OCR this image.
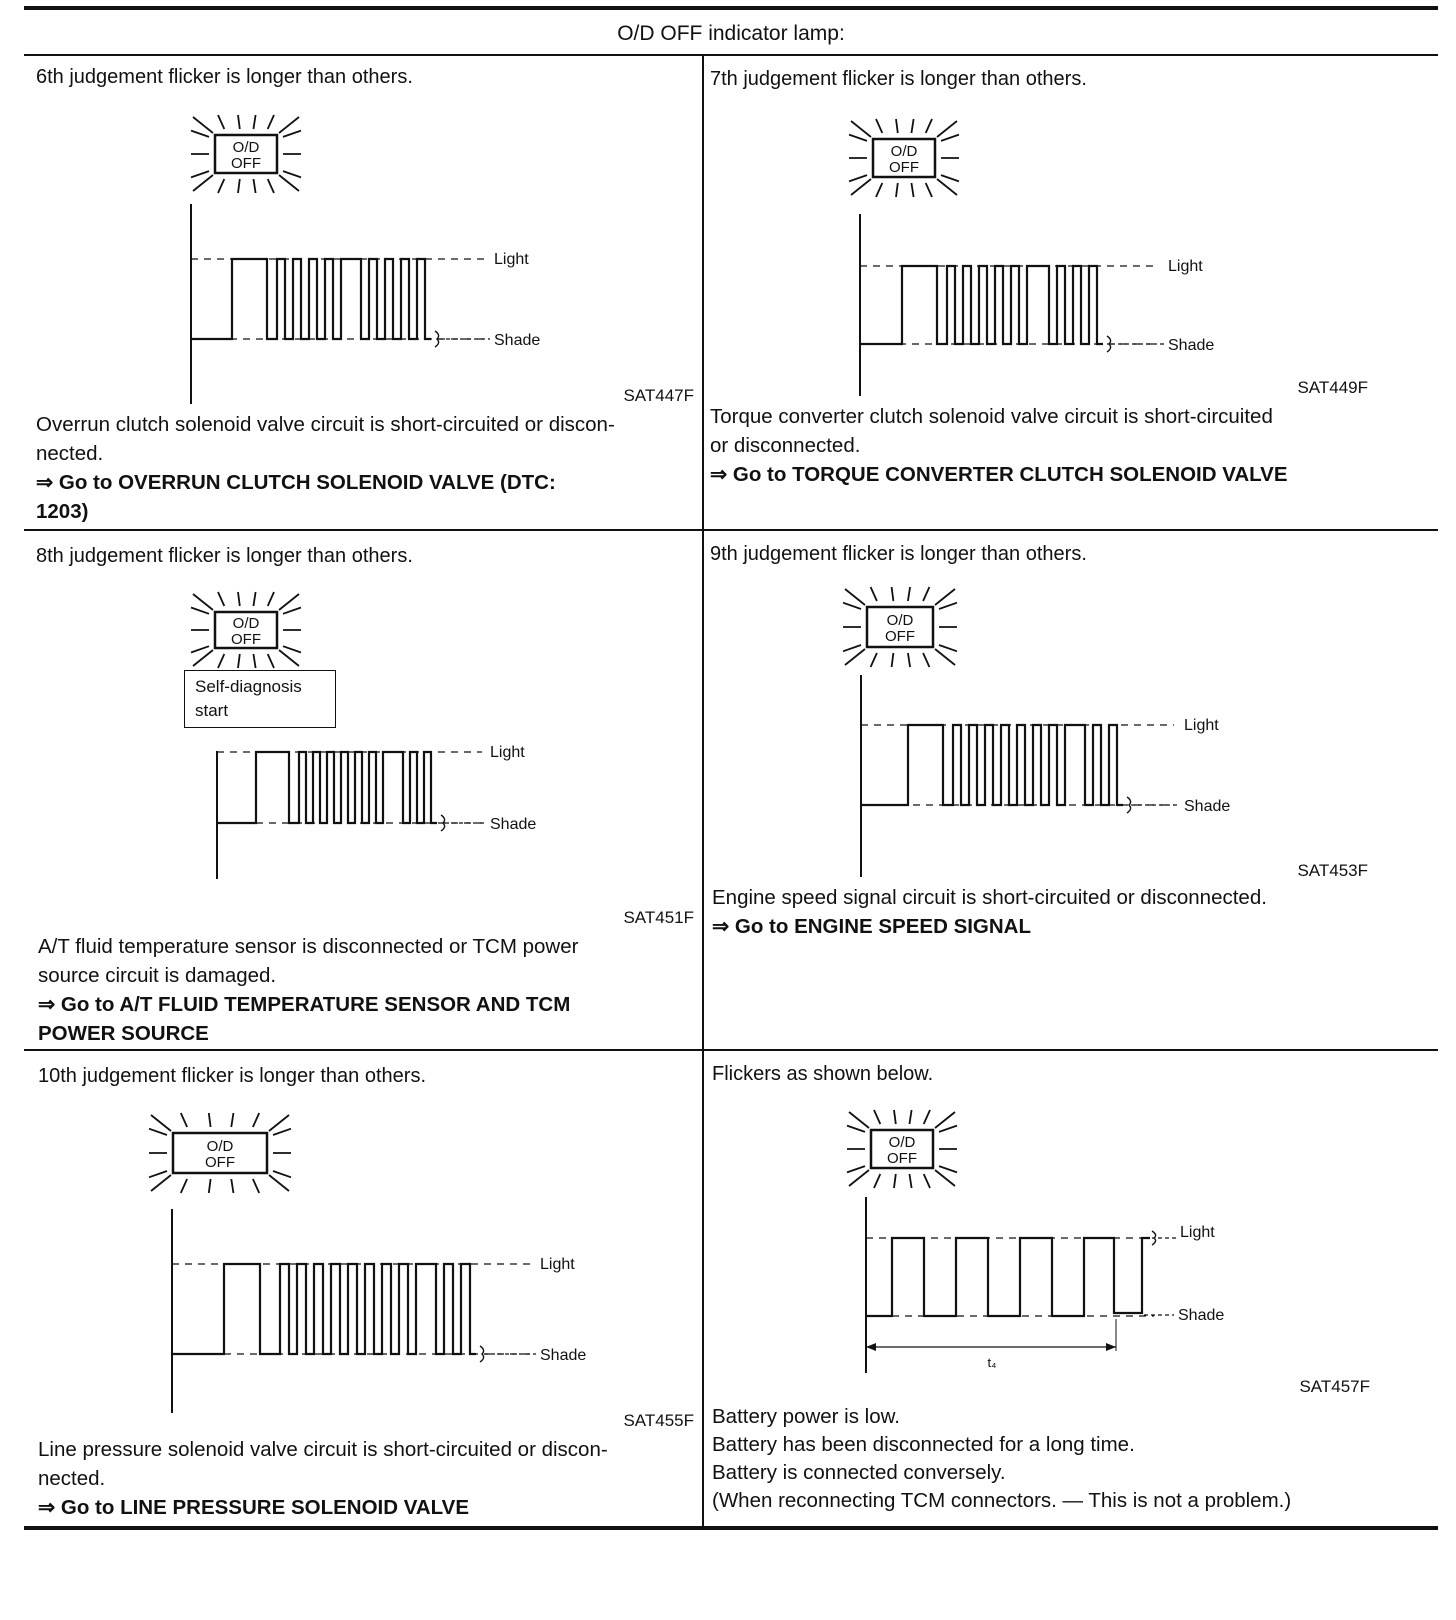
O/D OFF indicator lamp:
6th judgement flicker is longer than others.
O/D
OFF
Light
Shade
SAT447F
Overrun clutch solenoid valve circuit is short-circuited or discon-
nected.
⇒ Go to OVERRUN CLUTCH SOLENOID VALVE (DTC:
1203)
7th judgement flicker is longer than others.
O/D
OFF
Light
Shade
SAT449F
Torque converter clutch solenoid valve circuit is short-circuited
or disconnected.
⇒ Go to TORQUE CONVERTER CLUTCH SOLENOID VALVE
8th judgement flicker is longer than others.
O/D
OFF
Light
Shade
Self-diagnosis
start
SAT451F
A/T fluid temperature sensor is disconnected or TCM power
source circuit is damaged.
⇒ Go to A/T FLUID TEMPERATURE SENSOR AND TCM
POWER SOURCE
9th judgement flicker is longer than others.
O/D
OFF
Light
Shade
SAT453F
Engine speed signal circuit is short-circuited or disconnected.
⇒ Go to ENGINE SPEED SIGNAL
10th judgement flicker is longer than others.
O/D
OFF
Light
Shade
SAT455F
Line pressure solenoid valve circuit is short-circuited or discon-
nected.
⇒ Go to LINE PRESSURE SOLENOID VALVE
Flickers as shown below.
O/D
OFF
Light
Shade
t₄
SAT457F
Battery power is low.
Battery has been disconnected for a long time.
Battery is connected conversely.
(When reconnecting TCM connectors. — This is not a problem.)
